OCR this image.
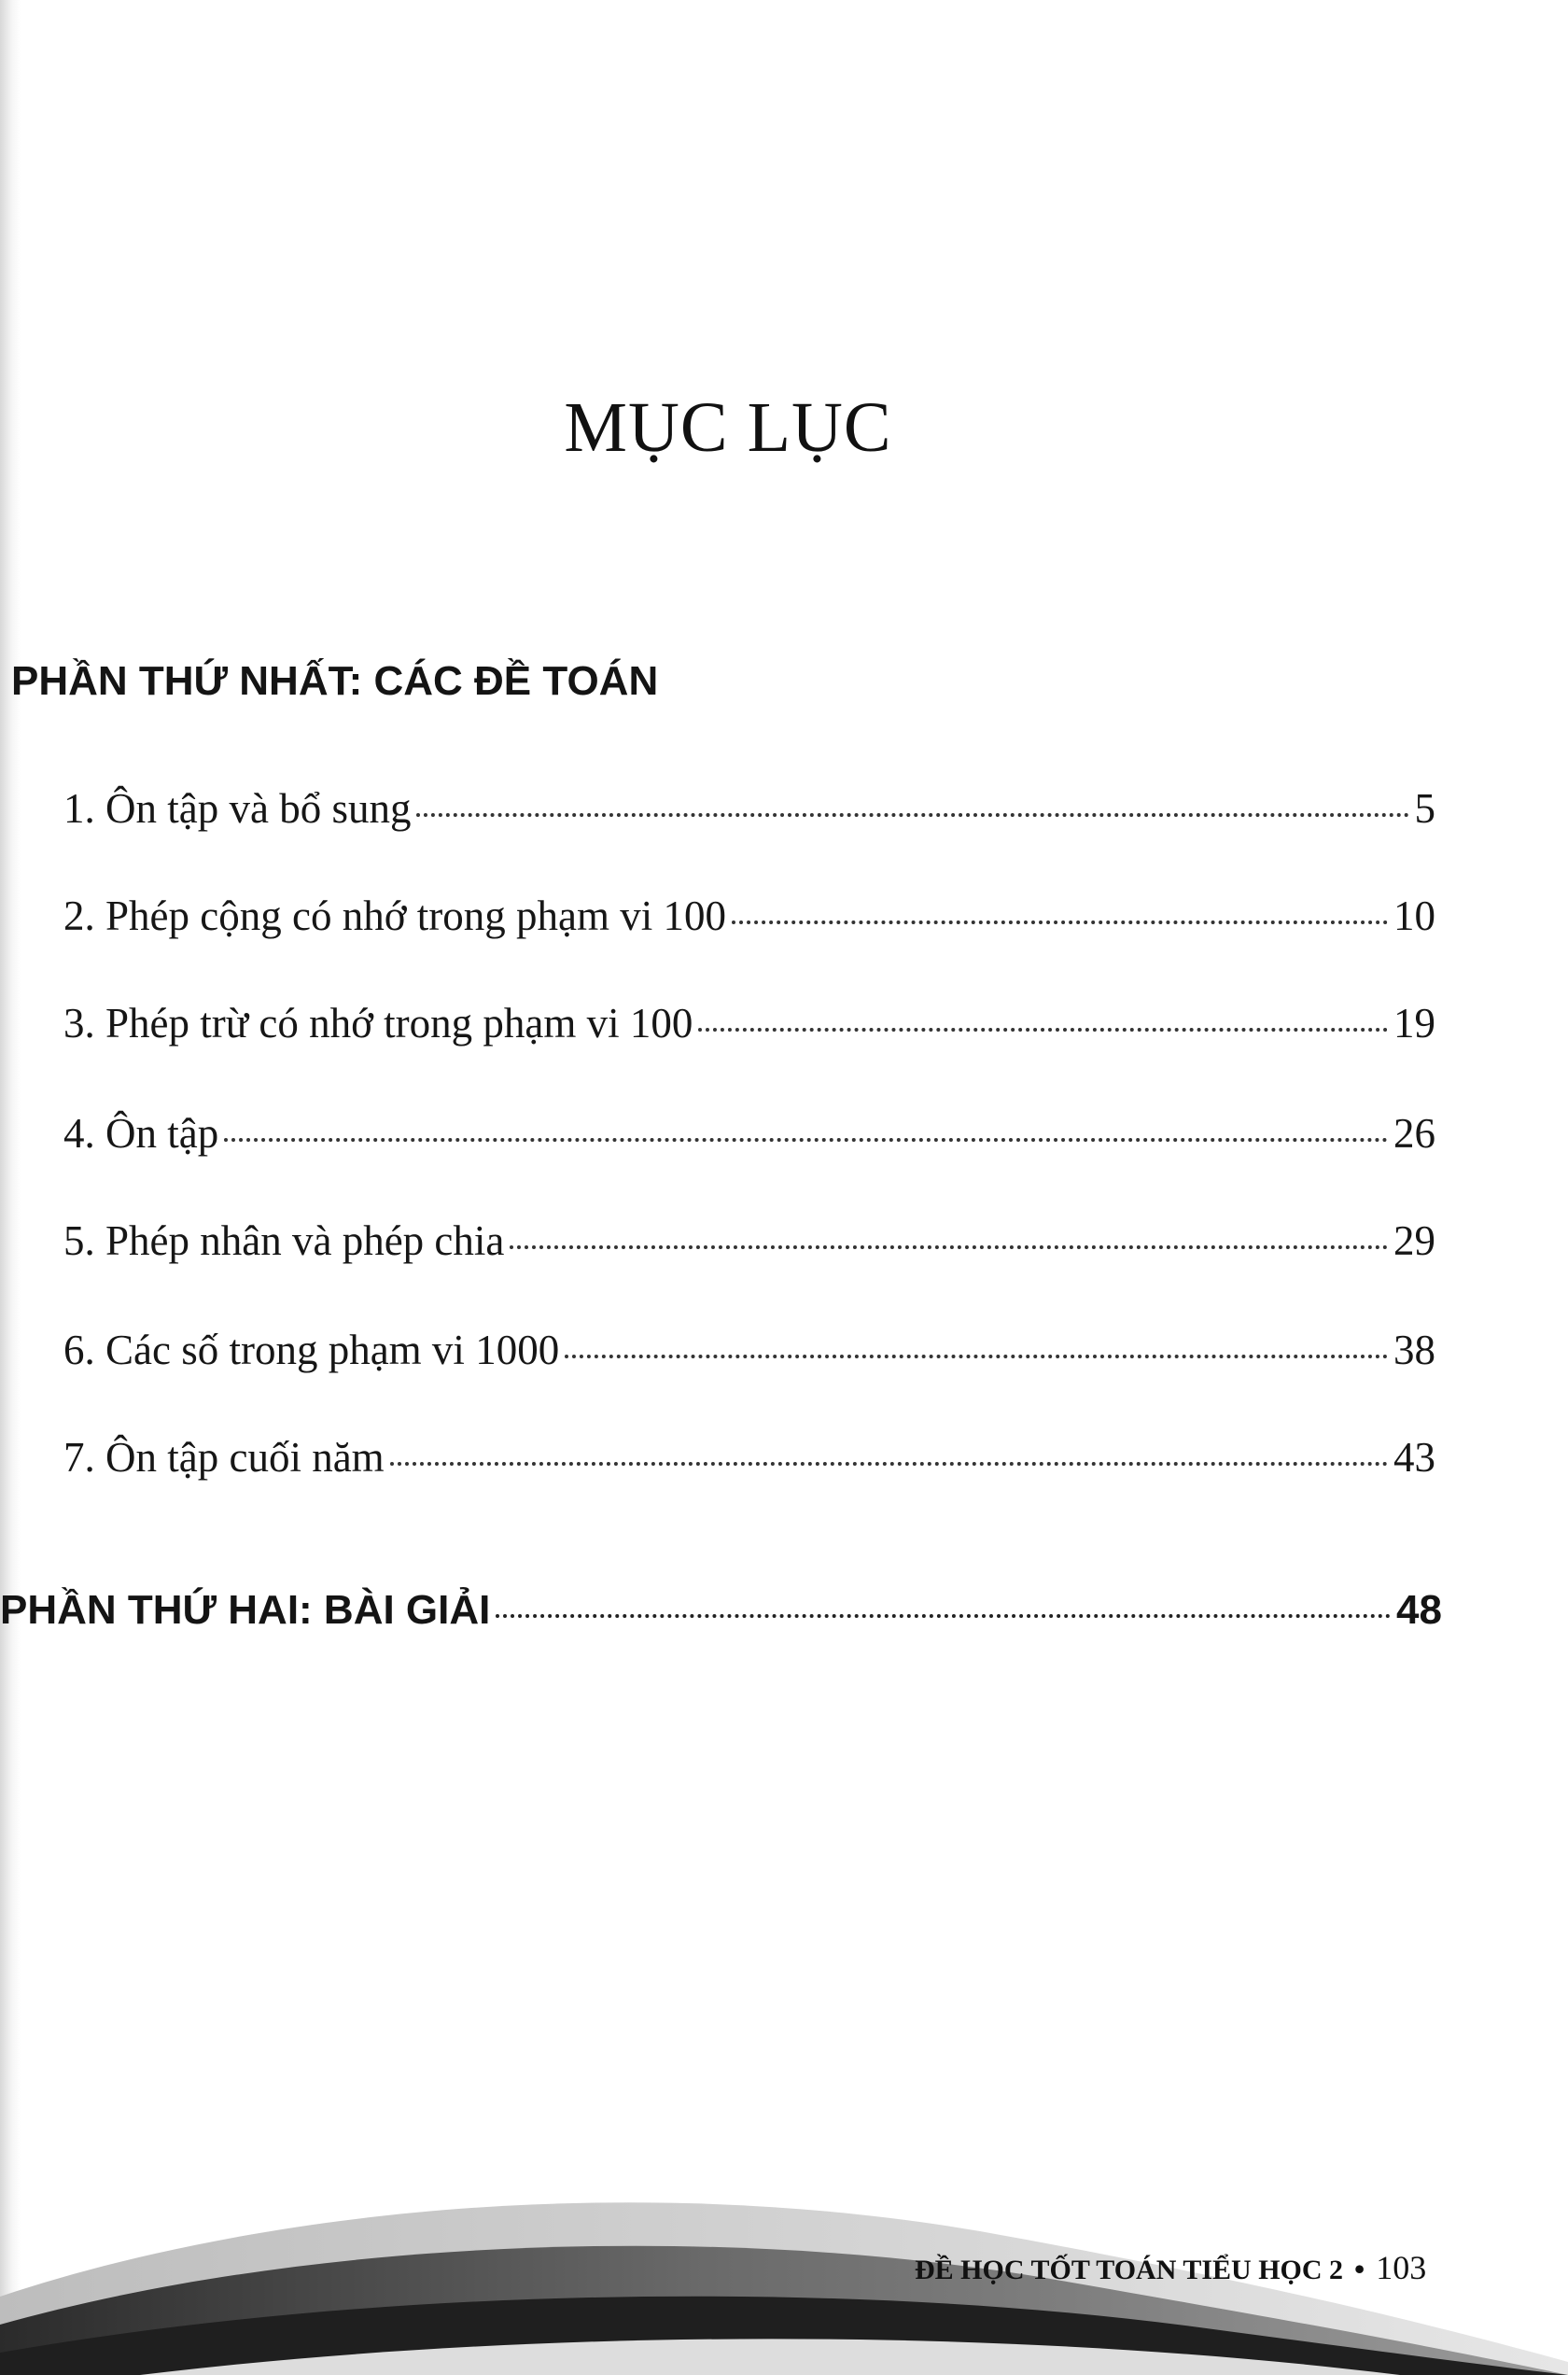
MỤC LỤC
PHẦN THỨ NHẤT: CÁC ĐỀ TOÁN
1. Ôn tập và bổ sung	5
2. Phép cộng có nhớ trong phạm vi 100	10
3. Phép trừ có nhớ trong phạm vi 100	19
4. Ôn tập	26
5. Phép nhân và phép chia	29
6. Các số trong phạm vi 1000	38
7. Ôn tập cuối năm	43
PHẦN THỨ HAI: BÀI GIẢI	48
ĐỀ HỌC TỐT TOÁN TIỂU HỌC 2 • 103
